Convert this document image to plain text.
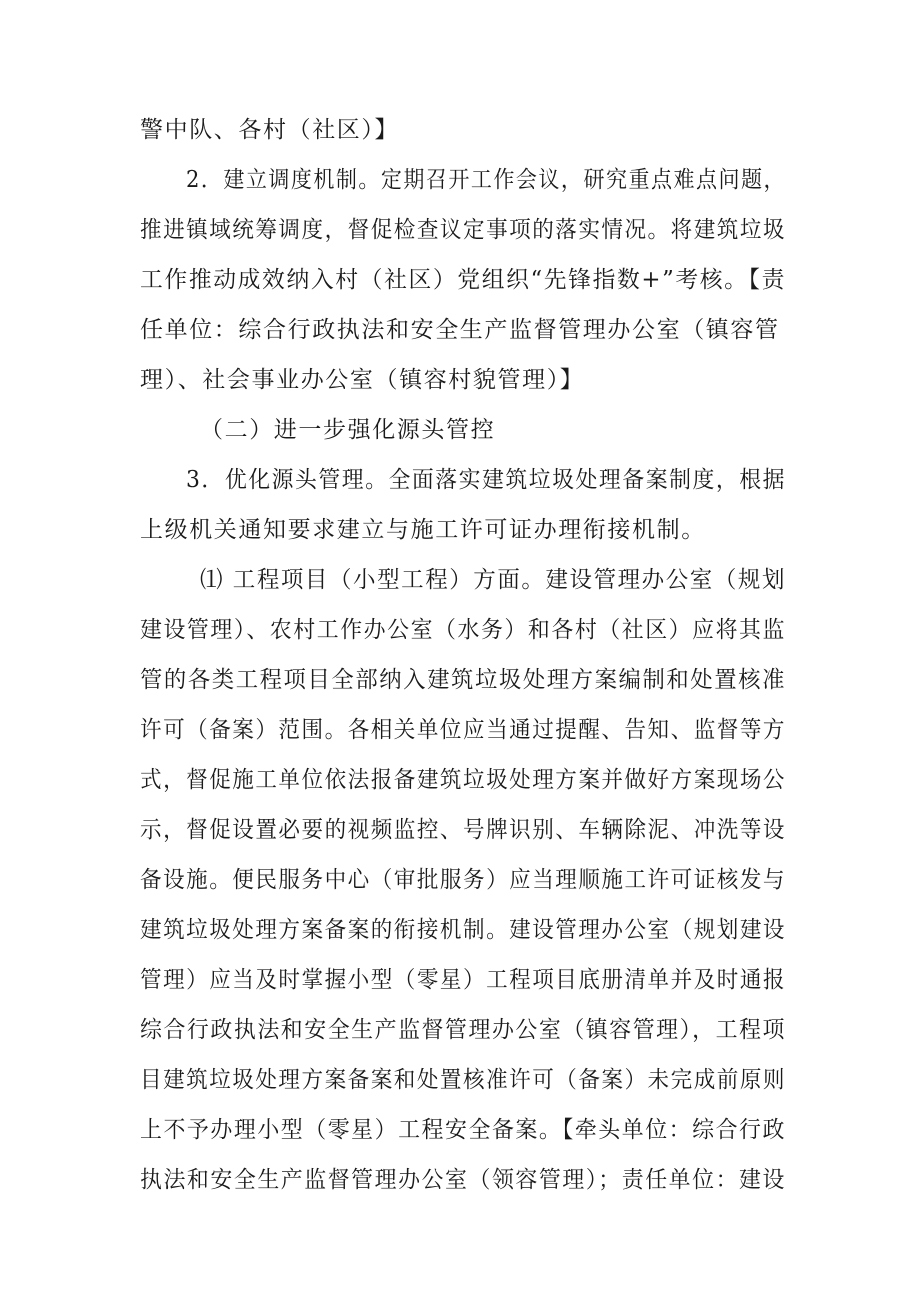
警中队、各村（社区）】
2．建立调度机制。定期召开工作会议，研究重点难点问题，
推进镇域统筹调度，督促检查议定事项的落实情况。将建筑垃圾
工作推动成效纳入村（社区）党组织“先锋指数+”考核。【责
任单位：综合行政执法和安全生产监督管理办公室（镇容管
理）、社会事业办公室（镇容村貌管理）】
（二）进一步强化源头管控
3．优化源头管理。全面落实建筑垃圾处理备案制度，根据
上级机关通知要求建立与施工许可证办理衔接机制。
⑴ 工程项目（小型工程）方面。建设管理办公室（规划
建设管理）、农村工作办公室（水务）和各村（社区）应将其监
管的各类工程项目全部纳入建筑垃圾处理方案编制和处置核准
许可（备案）范围。各相关单位应当通过提醒、告知、监督等方
式，督促施工单位依法报备建筑垃圾处理方案并做好方案现场公
示，督促设置必要的视频监控、号牌识别、车辆除泥、冲洗等设
备设施。便民服务中心（审批服务）应当理顺施工许可证核发与
建筑垃圾处理方案备案的衔接机制。建设管理办公室（规划建设
管理）应当及时掌握小型（零星）工程项目底册清单并及时通报
综合行政执法和安全生产监督管理办公室（镇容管理），工程项
目建筑垃圾处理方案备案和处置核准许可（备案）未完成前原则
上不予办理小型（零星）工程安全备案。【牵头单位：综合行政
执法和安全生产监督管理办公室（领容管理）；责任单位：建设
